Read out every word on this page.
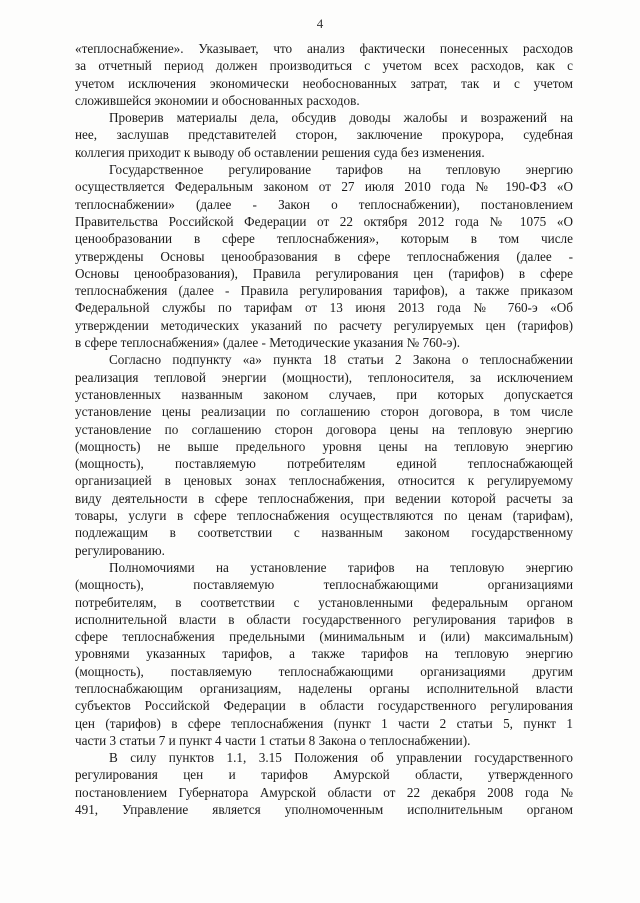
4
«теплоснабжение». Указывает, что анализ фактически понесенных расходов
за отчетный период должен производиться с учетом всех расходов, как с
учетом исключения экономически необоснованных затрат, так и с учетом
сложившейся экономии и обоснованных расходов.
Проверив материалы дела, обсудив доводы жалобы и возражений на
нее, заслушав представителей сторон, заключение прокурора, судебная
коллегия приходит к выводу об оставлении решения суда без изменения.
Государственное регулирование тарифов на тепловую энергию
осуществляется Федеральным законом от 27 июля 2010 года № 190-ФЗ «О
теплоснабжении» (далее - Закон о теплоснабжении), постановлением
Правительства Российской Федерации от 22 октября 2012 года № 1075 «О
ценообразовании в сфере теплоснабжения», которым в том числе
утверждены Основы ценообразования в сфере теплоснабжения (далее -
Основы ценообразования), Правила регулирования цен (тарифов) в сфере
теплоснабжения (далее - Правила регулирования тарифов), а также приказом
Федеральной службы по тарифам от 13 июня 2013 года № 760-э «Об
утверждении методических указаний по расчету регулируемых цен (тарифов)
в сфере теплоснабжения» (далее - Методические указания № 760-э).
Согласно подпункту «а» пункта 18 статьи 2 Закона о теплоснабжении
реализация тепловой энергии (мощности), теплоносителя, за исключением
установленных названным законом случаев, при которых допускается
установление цены реализации по соглашению сторон договора, в том числе
установление по соглашению сторон договора цены на тепловую энергию
(мощность) не выше предельного уровня цены на тепловую энергию
(мощность), поставляемую потребителям единой теплоснабжающей
организацией в ценовых зонах теплоснабжения, относится к регулируемому
виду деятельности в сфере теплоснабжения, при ведении которой расчеты за
товары, услуги в сфере теплоснабжения осуществляются по ценам (тарифам),
подлежащим в соответствии с названным законом государственному
регулированию.
Полномочиями на установление тарифов на тепловую энергию
(мощность), поставляемую теплоснабжающими организациями
потребителям, в соответствии с установленными федеральным органом
исполнительной власти в области государственного регулирования тарифов в
сфере теплоснабжения предельными (минимальным и (или) максимальным)
уровнями указанных тарифов, а также тарифов на тепловую энергию
(мощность), поставляемую теплоснабжающими организациями другим
теплоснабжающим организациям, наделены органы исполнительной власти
субъектов Российской Федерации в области государственного регулирования
цен (тарифов) в сфере теплоснабжения (пункт 1 части 2 статьи 5, пункт 1
части 3 статьи 7 и пункт 4 части 1 статьи 8 Закона о теплоснабжении).
В силу пунктов 1.1, 3.15 Положения об управлении государственного
регулирования цен и тарифов Амурской области, утвержденного
постановлением Губернатора Амурской области от 22 декабря 2008 года №
491, Управление является уполномоченным исполнительным органом
